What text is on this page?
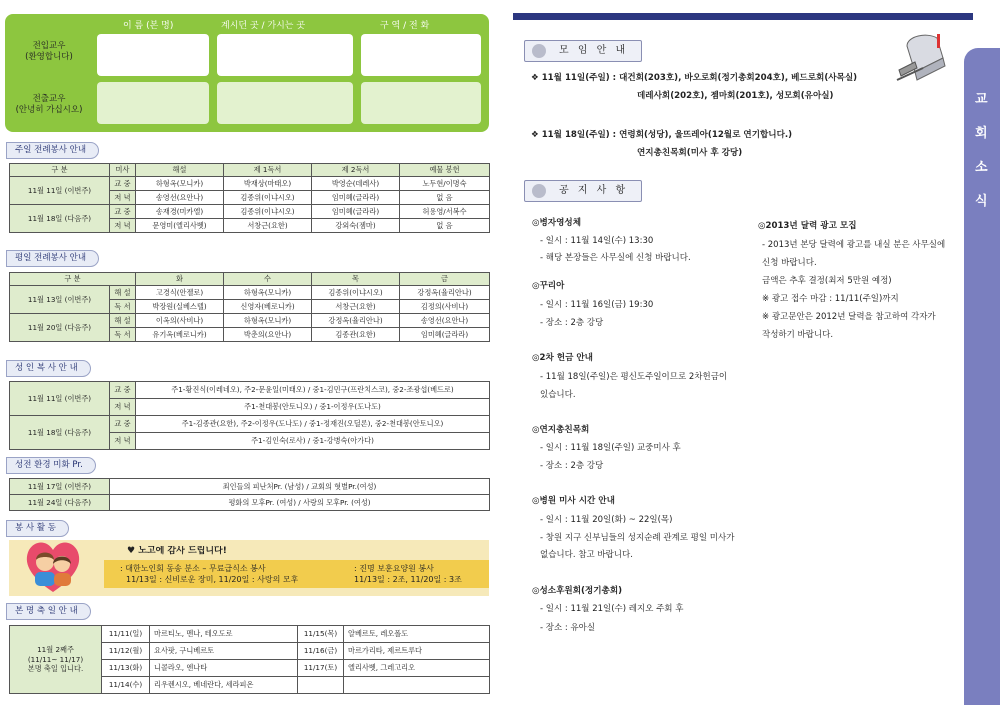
이 름 (본 명)	계시던 곳 / 가시는 곳	구 역 / 전 화
전입교우
(환영합니다)
전출교우
(안녕히 가십시오)
주일 전례봉사 안내
구 분	미사	해설	제 1독서	제 2독서	예물 봉헌
11월 11일 (이번주)	교 중	하형옥(모니카)	박재상(마태오)	박영순(데레사)	노두현/이명숙
	저 녁	송영선(요안나)	김종위(이냐시오)	임미혜(글라라)	없 음
11월 18일 (다음주)	교 중	송재경(미카엘)	김종위(이냐시오)	임미혜(글라라)	허용영/서복수
	저 녁	문영미(엘리사벳)	서창근(요한)	강외숙(젬마)	없 음
평일 전례봉사 안내
구 분		화	수	목	금
11월 13일 (이번주)	해 설	고경식(안젤로)	하형옥(모니카)	김종위(이냐시오)	강정옥(율리안나)
	독 서	박장원(실베스텔)	신영자(베로니카)	서창근(요한)	김정의(사비나)
11월 20일 (다음주)	해 설	이옥의(사비나)	하형옥(모니카)	강정옥(율리안나)	송영선(요안나)
	독 서	유기옥(베로니카)	박춘의(요안나)	김종관(요한)	임미혜(글라라)
성 인 복 사 안 내
11월 11일 (이번주)	교 중	주1-황진식(이레네오), 주2-문윤일(미태오) / 중1-김민구(프란치스코), 중2-조광섭(베드로)
	저 녁	주1-천대봉(안토니오) / 중1-이정우(도나도)
11월 18일 (다음주)	교 중	주1-김종관(요한), 주2-이정우(도나도) / 중1-정재진(오딜론), 중2-천대봉(안토니오)
	저 녁	주1-김인숙(로사) / 중1-강병숙(아가다)
성전 환경 미화 Pr.
11월 17일 (이번주)	죄인들의 피난처Pr. (남성) / 교회의 혓별Pr.(여성)
11월 24일 (다음주)	평화의 모후Pr. (여성) / 사랑의 모후Pr. (여성)
봉 사 활 동
♥ 노고에 감사 드립니다!
: 대한노인회 동송 분소 – 무료급식소 봉사
11/13일 : 신비로운 장미, 11/20일 : 사랑의 모후
: 진명 보훈요양원 봉사
11/13일 : 2조, 11/20일 : 3조
본 명 축 일 안 내
11월 2째주
(11/11~ 11/17)
본명 축일 입니다.	11/11(일)	마르티노, 멘나, 테오도로	11/15(목)	알베르토, 레오폴도
	11/12(월)	요사팟, 구니베르토	11/16(금)	마르가리타, 제르트루다
	11/13(화)	니콜라오, 엔나타	11/17(토)	엘리사벳, 그레고리오
	11/14(수)	리우렌시오, 베네란다, 세라피온		
교
회
소
식
모 임 안 내
❖ 11월 11일(주일) : 대건회(203호), 바오로회(정기총회204호), 베드로회(사목실)
데레사회(202호), 젬마회(201호), 성모회(유아실)
❖ 11월 18일(주일) : 연령회(성당), 울뜨레아(12월로 연기합니다.)
연지총친목회(미사 후 강당)
공 지 사 항
◎병자영성체
- 일시 : 11월 14일(수) 13:30
- 해당 본장들은 사무실에 신청 바랍니다.
◎꾸리아
- 일시 : 11월 16일(금) 19:30
- 장소 : 2층 강당
◎2차 헌금 안내
- 11월 18일(주일)은 평신도주일이므로 2차헌금이
있습니다.
◎연지총친목회
- 일시 : 11월 18일(주일) 교중미사 후
- 장소 : 2층 강당
◎병원 미사 시간 안내
- 일시 : 11월 20일(화) ~ 22일(목)
- 창원 지구 신부님들의 성지순례 관계로 평일 미사가
없습니다. 참고 바랍니다.
◎성소후원회(정기총회)
- 일시 : 11월 21일(수) 레지오 주회 후
- 장소 : 유아실
◎2013년 달력 광고 모집
- 2013년 본당 달력에 광고를 내실 분은 사무실에
신청 바랍니다.
금액은 추후 결정(최저 5만원 예정)
※ 광고 접수 마감 : 11/11(주일)까지
※ 광고문안은 2012년 달력을 참고하여 각자가
작성하기 바랍니다.
